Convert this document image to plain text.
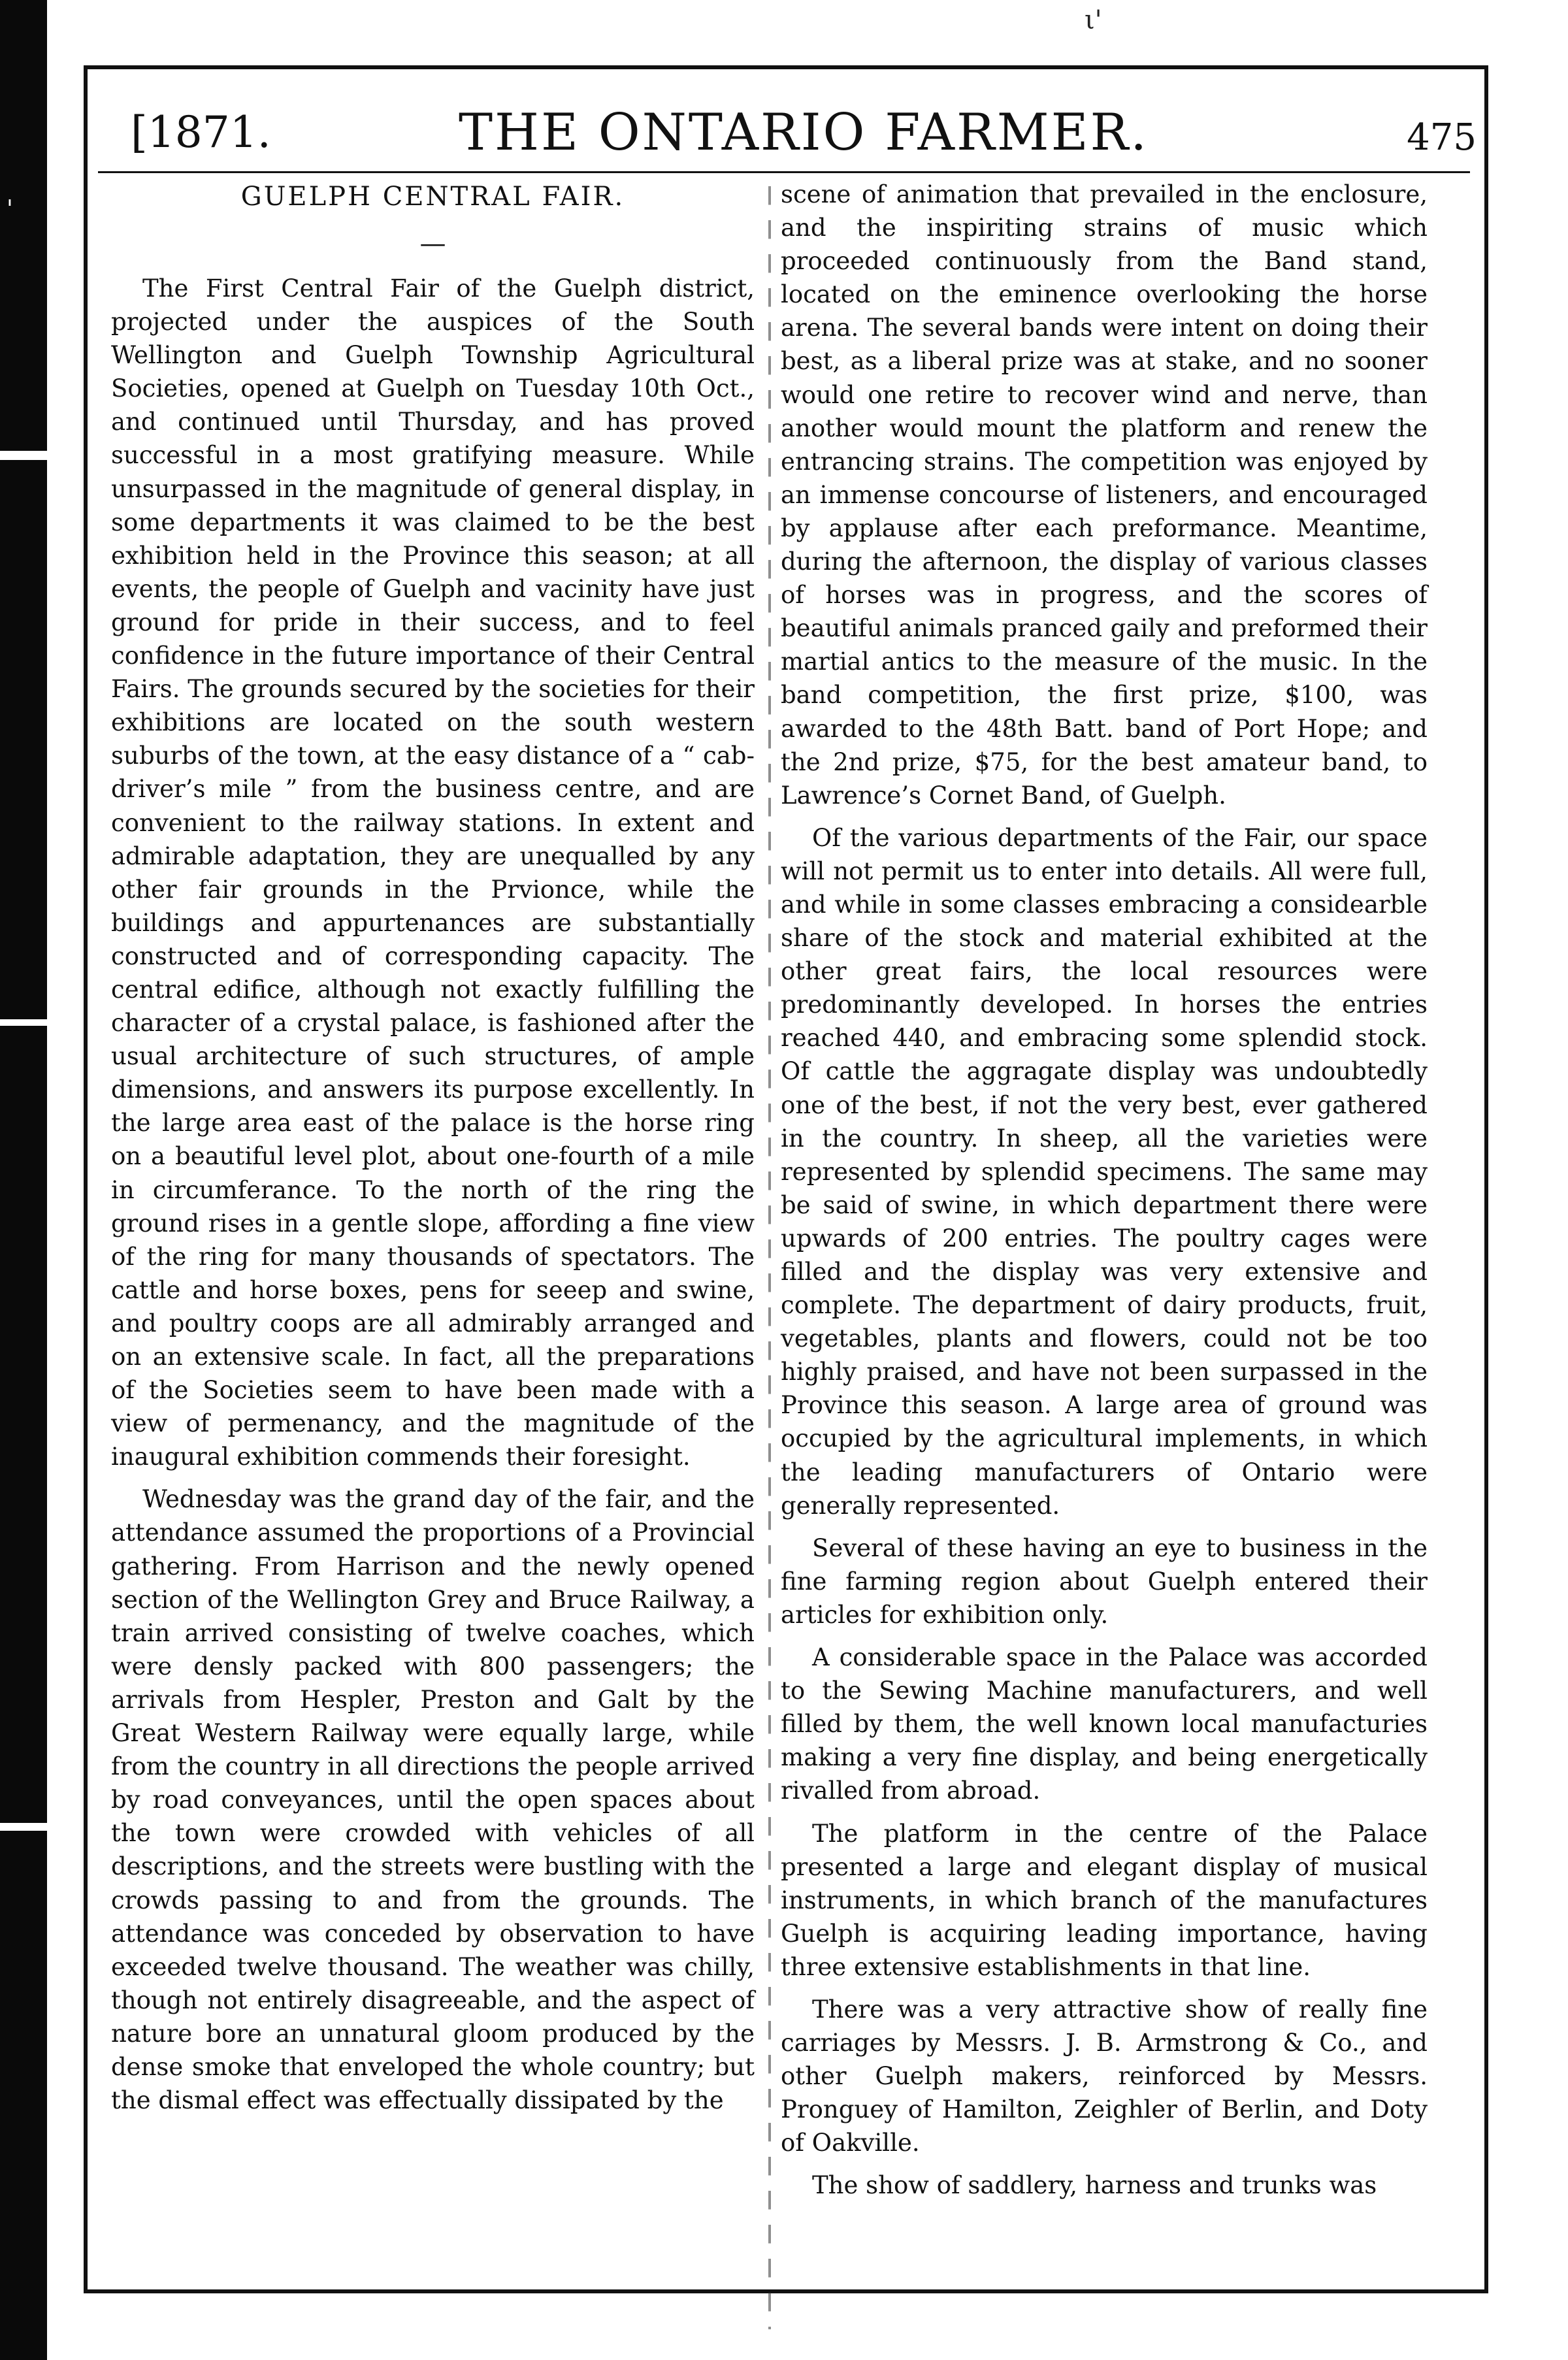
ι'
'
[1871.	THE ONTARIO FARMER.	475

GUELPH CENTRAL FAIR.

—

The First Central Fair of the Guelph district, projected under the auspices of the South Wellington and Guelph Township Agricultural Societies, opened at Guelph on Tuesday 10th Oct., and continued until Thursday, and has proved successful in a most gratifying measure. While unsurpassed in the magnitude of general display, in some departments it was claimed to be the best exhibition held in the Province this season; at all events, the people of Guelph and vacinity have just ground for pride in their success, and to feel confidence in the future importance of their Central Fairs. The grounds secured by the societies for their exhibitions are located on the south western suburbs of the town, at the easy distance of a “ cab-driver’s mile ” from the business centre, and are convenient to the railway stations. In extent and admirable adaptation, they are unequalled by any other fair grounds in the Prvionce, while the buildings and appurtenances are substantially constructed and of corresponding capacity. The central edifice, although not exactly fulfilling the character of a crystal palace, is fashioned after the usual architecture of such structures, of ample dimensions, and answers its purpose excellently. In the large area east of the palace is the horse ring on a beautiful level plot, about one-fourth of a mile in circumferance. To the north of the ring the ground rises in a gentle slope, affording a fine view of the ring for many thousands of spectators. The cattle and horse boxes, pens for seeep and swine, and poultry coops are all admirably arranged and on an extensive scale. In fact, all the preparations of the Societies seem to have been made with a view of permenancy, and the magnitude of the inaugural exhibition commends their foresight.

Wednesday was the grand day of the fair, and the attendance assumed the proportions of a Provincial gathering. From Harrison and the newly opened section of the Wellington Grey and Bruce Railway, a train arrived consisting of twelve coaches, which were densly packed with 800 passengers; the arrivals from Hespler, Preston and Galt by the Great Western Railway were equally large, while from the country in all directions the people arrived by road conveyances, until the open spaces about the town were crowded with vehicles of all descriptions, and the streets were bustling with the crowds passing to and from the grounds. The attendance was conceded by observation to have exceeded twelve thousand. The weather was chilly, though not entirely disagreeable, and the aspect of nature bore an unnatural gloom produced by the dense smoke that enveloped the whole country; but the dismal effect was effectually dissipated by the

scene of animation that prevailed in the enclosure, and the inspiriting strains of music which proceeded continuously from the Band stand, located on the eminence overlooking the horse arena. The several bands were intent on doing their best, as a liberal prize was at stake, and no sooner would one retire to recover wind and nerve, than another would mount the platform and renew the entrancing strains. The competition was enjoyed by an immense concourse of listeners, and encouraged by applause after each preformance. Meantime, during the afternoon, the display of various classes of horses was in progress, and the scores of beautiful animals pranced gaily and preformed their martial antics to the measure of the music. In the band competition, the first prize, $100, was awarded to the 48th Batt. band of Port Hope; and the 2nd prize, $75, for the best amateur band, to Lawrence’s Cornet Band, of Guelph.

Of the various departments of the Fair, our space will not permit us to enter into details. All were full, and while in some classes embracing a considearble share of the stock and material exhibited at the other great fairs, the local resources were predominantly developed. In horses the entries reached 440, and embracing some splendid stock. Of cattle the aggragate display was undoubtedly one of the best, if not the very best, ever gathered in the country. In sheep, all the varieties were represented by splendid specimens. The same may be said of swine, in which department there were upwards of 200 entries. The poultry cages were filled and the display was very extensive and complete. The department of dairy products, fruit, vegetables, plants and flowers, could not be too highly praised, and have not been surpassed in the Province this season. A large area of ground was occupied by the agricultural implements, in which the leading manufacturers of Ontario were generally represented.

Several of these having an eye to business in the fine farming region about Guelph entered their articles for exhibition only.

A considerable space in the Palace was accorded to the Sewing Machine manufacturers, and well filled by them, the well known local manufacturies making a very fine display, and being energetically rivalled from abroad.

The platform in the centre of the Palace presented a large and elegant display of musical instruments, in which branch of the manufactures Guelph is acquiring leading importance, having three extensive establishments in that line.

There was a very attractive show of really fine carriages by Messrs. J. B. Armstrong & Co., and other Guelph makers, reinforced by Messrs. Pronguey of Hamilton, Zeighler of Berlin, and Doty of Oakville.

The show of saddlery, harness and trunks was
